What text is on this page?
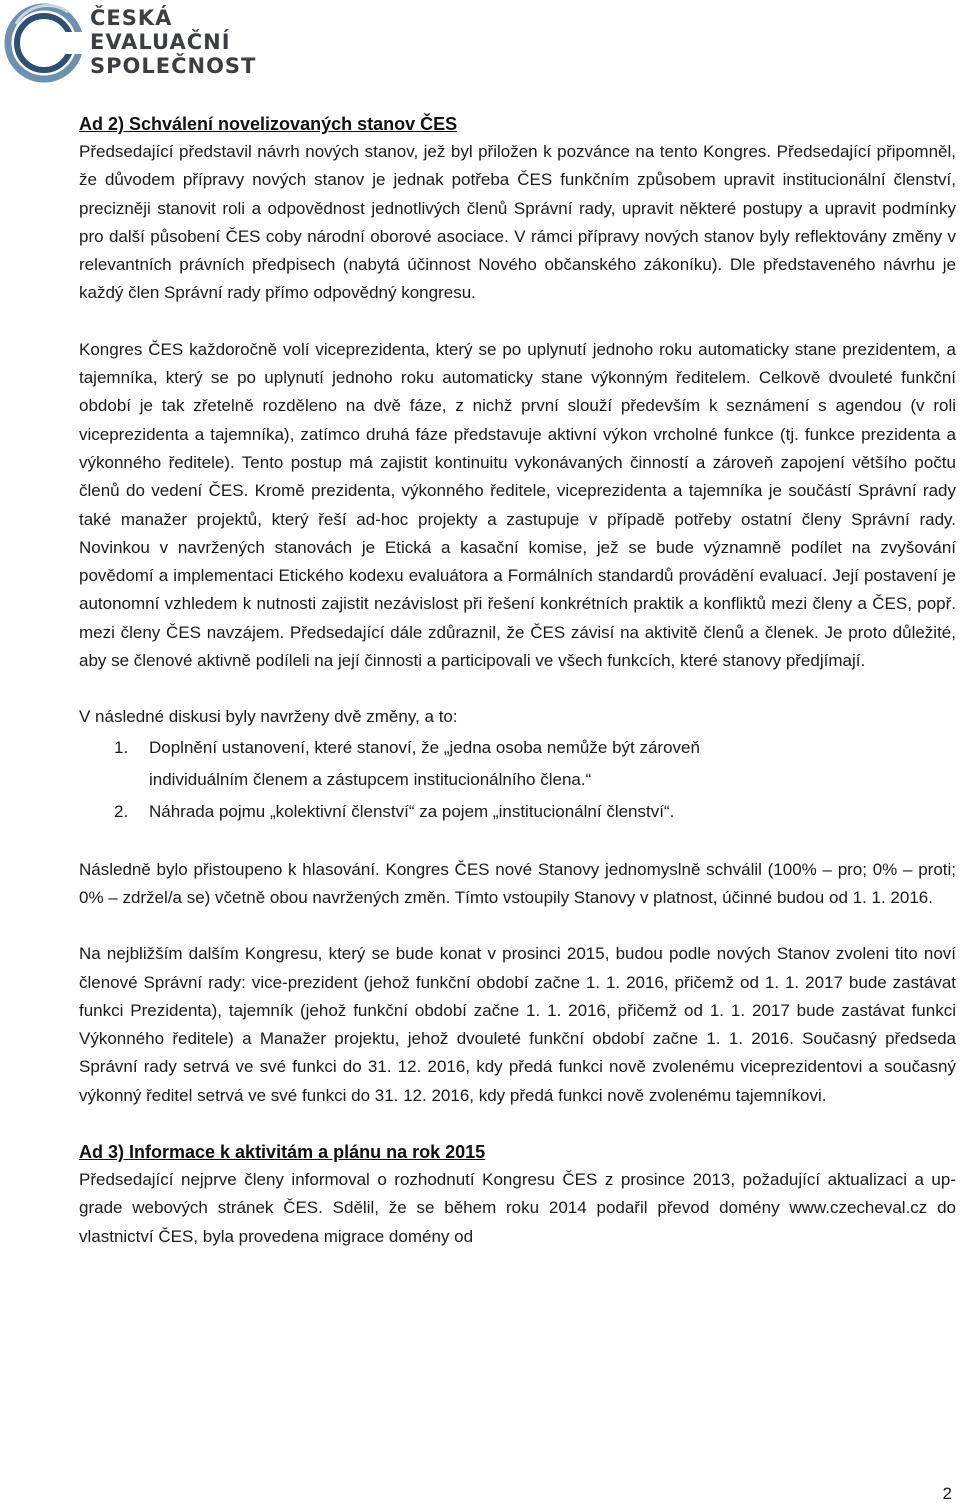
ČESKÁ
EVALUAČNÍ
SPOLEČNOST
Ad 2) Schválení novelizovaných stanov ČES

Předsedající představil návrh nových stanov, jež byl přiložen k pozvánce na tento Kongres. Předsedající připomněl, že důvodem přípravy nových stanov je jednak potřeba ČES funkčním způsobem upravit institucionální členství, precizněji stanovit roli a odpovědnost jednotlivých členů Správní rady, upravit některé postupy a upravit podmínky pro další působení ČES coby národní oborové asociace. V rámci přípravy nových stanov byly reflektovány změny v relevantních právních předpisech (nabytá účinnost Nového občanského zákoníku). Dle představeného návrhu je každý člen Správní rady přímo odpovědný kongresu.

Kongres ČES každoročně volí viceprezidenta, který se po uplynutí jednoho roku automaticky stane prezidentem, a tajemníka, který se po uplynutí jednoho roku automaticky stane výkonným ředitelem. Celkově dvouleté funkční období je tak zřetelně rozděleno na dvě fáze, z nichž první slouží především k seznámení s agendou (v roli viceprezidenta a tajemníka), zatímco druhá fáze představuje aktivní výkon vrcholné funkce (tj. funkce prezidenta a výkonného ředitele). Tento postup má zajistit kontinuitu vykonávaných činností a zároveň zapojení většího počtu členů do vedení ČES. Kromě prezidenta, výkonného ředitele, viceprezidenta a tajemníka je součástí Správní rady také manažer projektů, který řeší ad-hoc projekty a zastupuje v případě potřeby ostatní členy Správní rady. Novinkou v navržených stanovách je Etická a kasační komise, jež se bude významně podílet na zvyšování povědomí a implementaci Etického kodexu evaluátora a Formálních standardů provádění evaluací. Její postavení je autonomní vzhledem k nutnosti zajistit nezávislost při řešení konkrétních praktik a konfliktů mezi členy a ČES, popř. mezi členy ČES navzájem. Předsedající dále zdůraznil, že ČES závisí na aktivitě členů a členek. Je proto důležité, aby se členové aktivně podíleli na její činnosti a participovali ve všech funkcích, které stanovy předjímají.

V následné diskusi byly navrženy dvě změny, a to:

1. Doplnění ustanovení, které stanoví, že „jedna osoba nemůže být zároveň
individuálním členem a zástupcem institucionálního člena.“
2. Náhrada pojmu „kolektivní členství“ za pojem „institucionální členství“.

Následně bylo přistoupeno k hlasování. Kongres ČES nové Stanovy jednomyslně schválil (100% – pro; 0% – proti; 0% – zdržel/a se) včetně obou navržených změn. Tímto vstoupily Stanovy v platnost, účinné budou od 1. 1. 2016.

Na nejbližším dalším Kongresu, který se bude konat v prosinci 2015, budou podle nových Stanov zvoleni tito noví členové Správní rady: vice-prezident (jehož funkční období začne 1. 1. 2016, přičemž od 1. 1. 2017 bude zastávat funkci Prezidenta), tajemník (jehož funkční období začne 1. 1. 2016, přičemž od 1. 1. 2017 bude zastávat funkci Výkonného ředitele) a Manažer projektu, jehož dvouleté funkční období začne 1. 1. 2016. Současný předseda Správní rady setrvá ve své funkci do 31. 12. 2016, kdy předá funkci nově zvolenému viceprezidentovi a současný výkonný ředitel setrvá ve své funkci do 31. 12. 2016, kdy předá funkci nově zvolenému tajemníkovi.

Ad 3) Informace k aktivitám a plánu na rok 2015

Předsedající nejprve členy informoval o rozhodnutí Kongresu ČES z prosince 2013, požadující aktualizaci a up-grade webových stránek ČES. Sdělil, že se během roku 2014 podařil převod domény www.czecheval.cz do vlastnictví ČES, byla provedena migrace domény od

2
